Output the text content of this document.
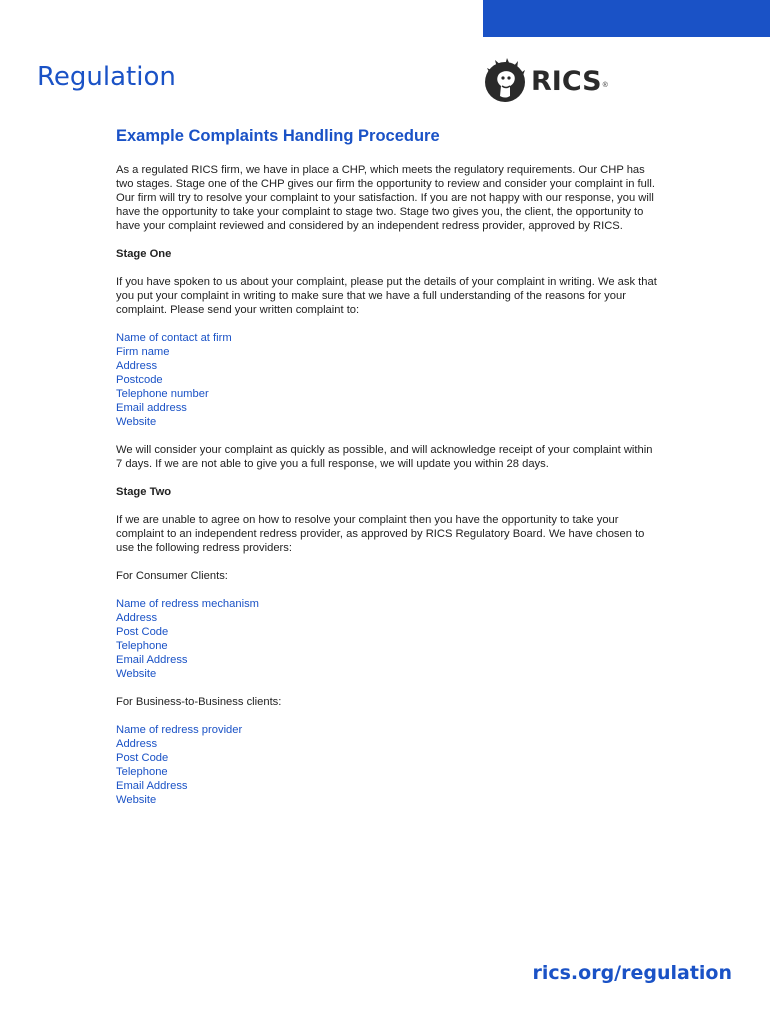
Regulation	RICS ®
Example Complaints Handling Procedure

As a regulated RICS firm, we have in place a CHP, which meets the regulatory requirements. Our CHP has two stages. Stage one of the CHP gives our firm the opportunity to review and consider your complaint in full. Our firm will try to resolve your complaint to your satisfaction. If you are not happy with our response, you will have the opportunity to take your complaint to stage two. Stage two gives you, the client, the opportunity to have your complaint reviewed and considered by an independent redress provider, approved by RICS.

Stage One

If you have spoken to us about your complaint, please put the details of your complaint in writing. We ask that you put your complaint in writing to make sure that we have a full understanding of the reasons for your complaint. Please send your written complaint to:

Name of contact at firm
Firm name
Address
Postcode
Telephone number
Email address
Website

We will consider your complaint as quickly as possible, and will acknowledge receipt of your complaint within 7 days. If we are not able to give you a full response, we will update you within 28 days.

Stage Two

If we are unable to agree on how to resolve your complaint then you have the opportunity to take your complaint to an independent redress provider, as approved by RICS Regulatory Board. We have chosen to use the following redress providers:

For Consumer Clients:

Name of redress mechanism
Address
Post Code
Telephone
Email Address
Website

For Business-to-Business clients:

Name of redress provider
Address
Post Code
Telephone
Email Address
Website
rics.org/regulation
